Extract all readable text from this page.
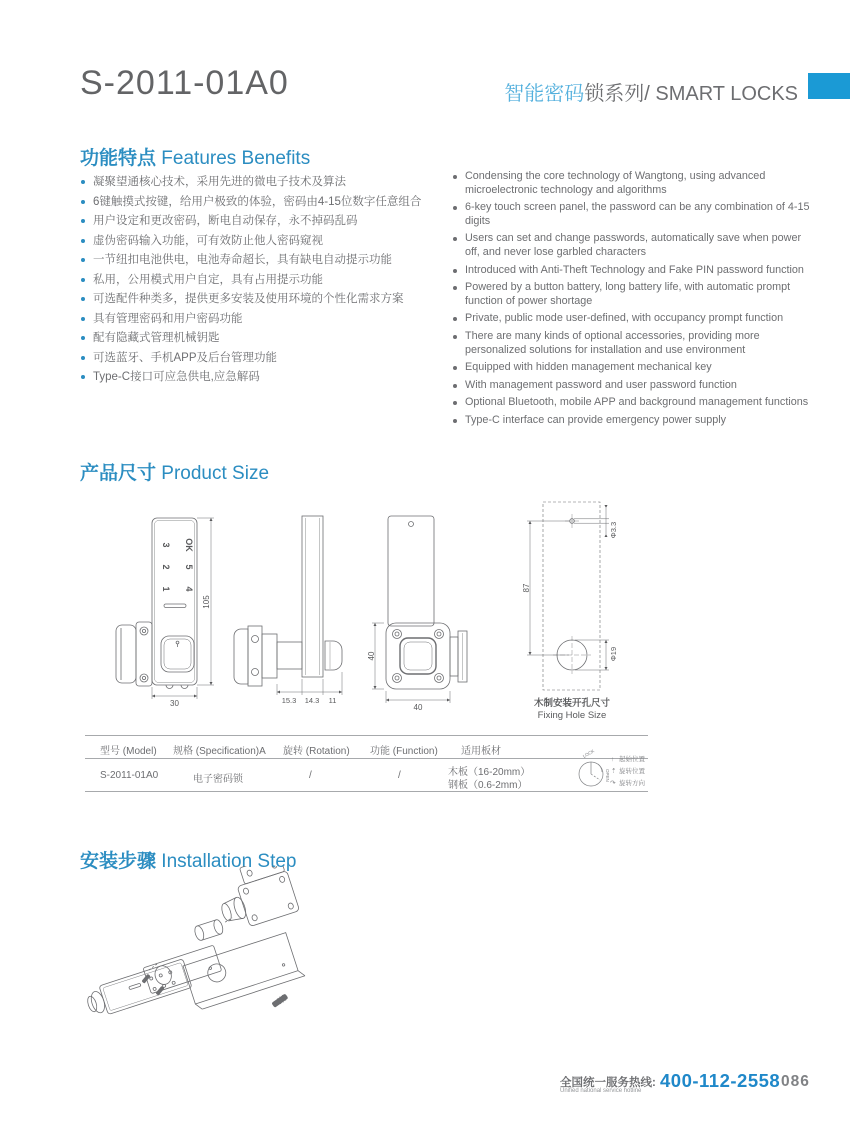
S-2011-01A0	智能密码锁系列/ SMART LOCKS
功能特点 Features Benefits
凝聚望通核心技术，采用先进的微电子技术及算法
6键触摸式按键，给用户极致的体验，密码由4-15位数字任意组合
用户设定和更改密码，断电自动保存，永不掉码乱码
虚伪密码输入功能，可有效防止他人密码窥视
一节纽扣电池供电，电池寿命超长，具有缺电自动提示功能
私用，公用模式用户自定，具有占用提示功能
可选配件种类多，提供更多安装及使用环境的个性化需求方案
具有管理密码和用户密码功能
配有隐藏式管理机械钥匙
可选蓝牙、手机APP及后台管理功能
Type-C接口可应急供电,应急解码
Condensing the core technology of Wangtong, using advanced microelectronic technology and algorithms
6-key touch screen panel, the password can be any combination of 4-15 digits
Users can set and change passwords, automatically save when power off, and never lose garbled characters
Introduced with Anti-Theft Technology and Fake PIN password function
Powered by a button battery, long battery life, with automatic prompt function of power shortage
Private, public mode user-defined, with occupancy prompt function
There are many kinds of optional accessories, providing more personalized solutions for installation and use environment
Equipped with hidden management mechanical key
With management password and user password function
Optional Bluetooth, mobile APP and background management functions
Type-C interface can provide emergency power supply
产品尺寸 Product Size
3 OK
2 5
1 4
105
30	15.3 14.3 11
40
40
87
Φ3.3
Φ19
木制安装开孔尺寸
Fixing Hole Size
型号 (Model) 规格 (Specification)A 旋转 (Rotation) 功能 (Function) 适用板材
S-2011-01A0	电子密码锁	/	/	木板（16-20mm）
钢板（0.6-2mm）
LOCK
OPEN
↑ 起始位置
⇡ 旋转位置
↷ 旋转方向
安装步骤 Installation Step
全国统一服务热线:
Unified national service hotline 400-112-2558 086
